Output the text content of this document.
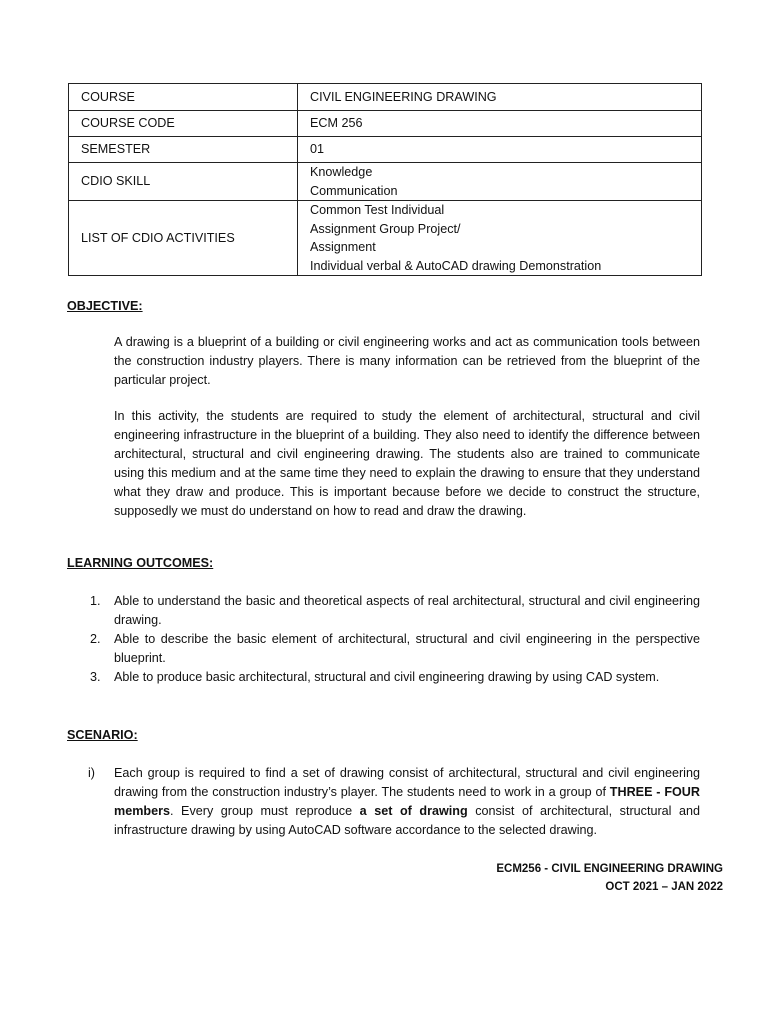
COURSE	CIVIL ENGINEERING DRAWING
COURSE CODE	ECM 256
SEMESTER	01
CDIO SKILL	Knowledge
Communication

LIST OF CDIO ACTIVITIES	Common Test Individual
Assignment Group Project/
Assignment
Individual verbal & AutoCAD drawing Demonstration
OBJECTIVE:

A drawing is a blueprint of a building or civil engineering works and act as communication tools between the construction industry players. There is many information can be retrieved from the blueprint of the particular project.

In this activity, the students are required to study the element of architectural, structural and civil engineering infrastructure in the blueprint of a building. They also need to identify the difference between architectural, structural and civil engineering drawing. The students also are trained to communicate using this medium and at the same time they need to explain the drawing to ensure that they understand what they draw and produce. This is important because before we decide to construct the structure, supposedly we must do understand on how to read and draw the drawing.

LEARNING OUTCOMES:
1. Able to understand the basic and theoretical aspects of real architectural, structural and civil engineering drawing.
2. Able to describe the basic element of architectural, structural and civil engineering in the perspective blueprint.
3. Able to produce basic architectural, structural and civil engineering drawing by using CAD system.
SCENARIO:
i) Each group is required to find a set of drawing consist of architectural, structural and civil engineering drawing from the construction industry’s player. The students need to work in a group of THREE - FOUR members. Every group must reproduce a set of drawing consist of architectural, structural and infrastructure drawing by using AutoCAD software accordance to the selected drawing.
ECM256 - CIVIL ENGINEERING DRAWING
OCT 2021 – JAN 2022
